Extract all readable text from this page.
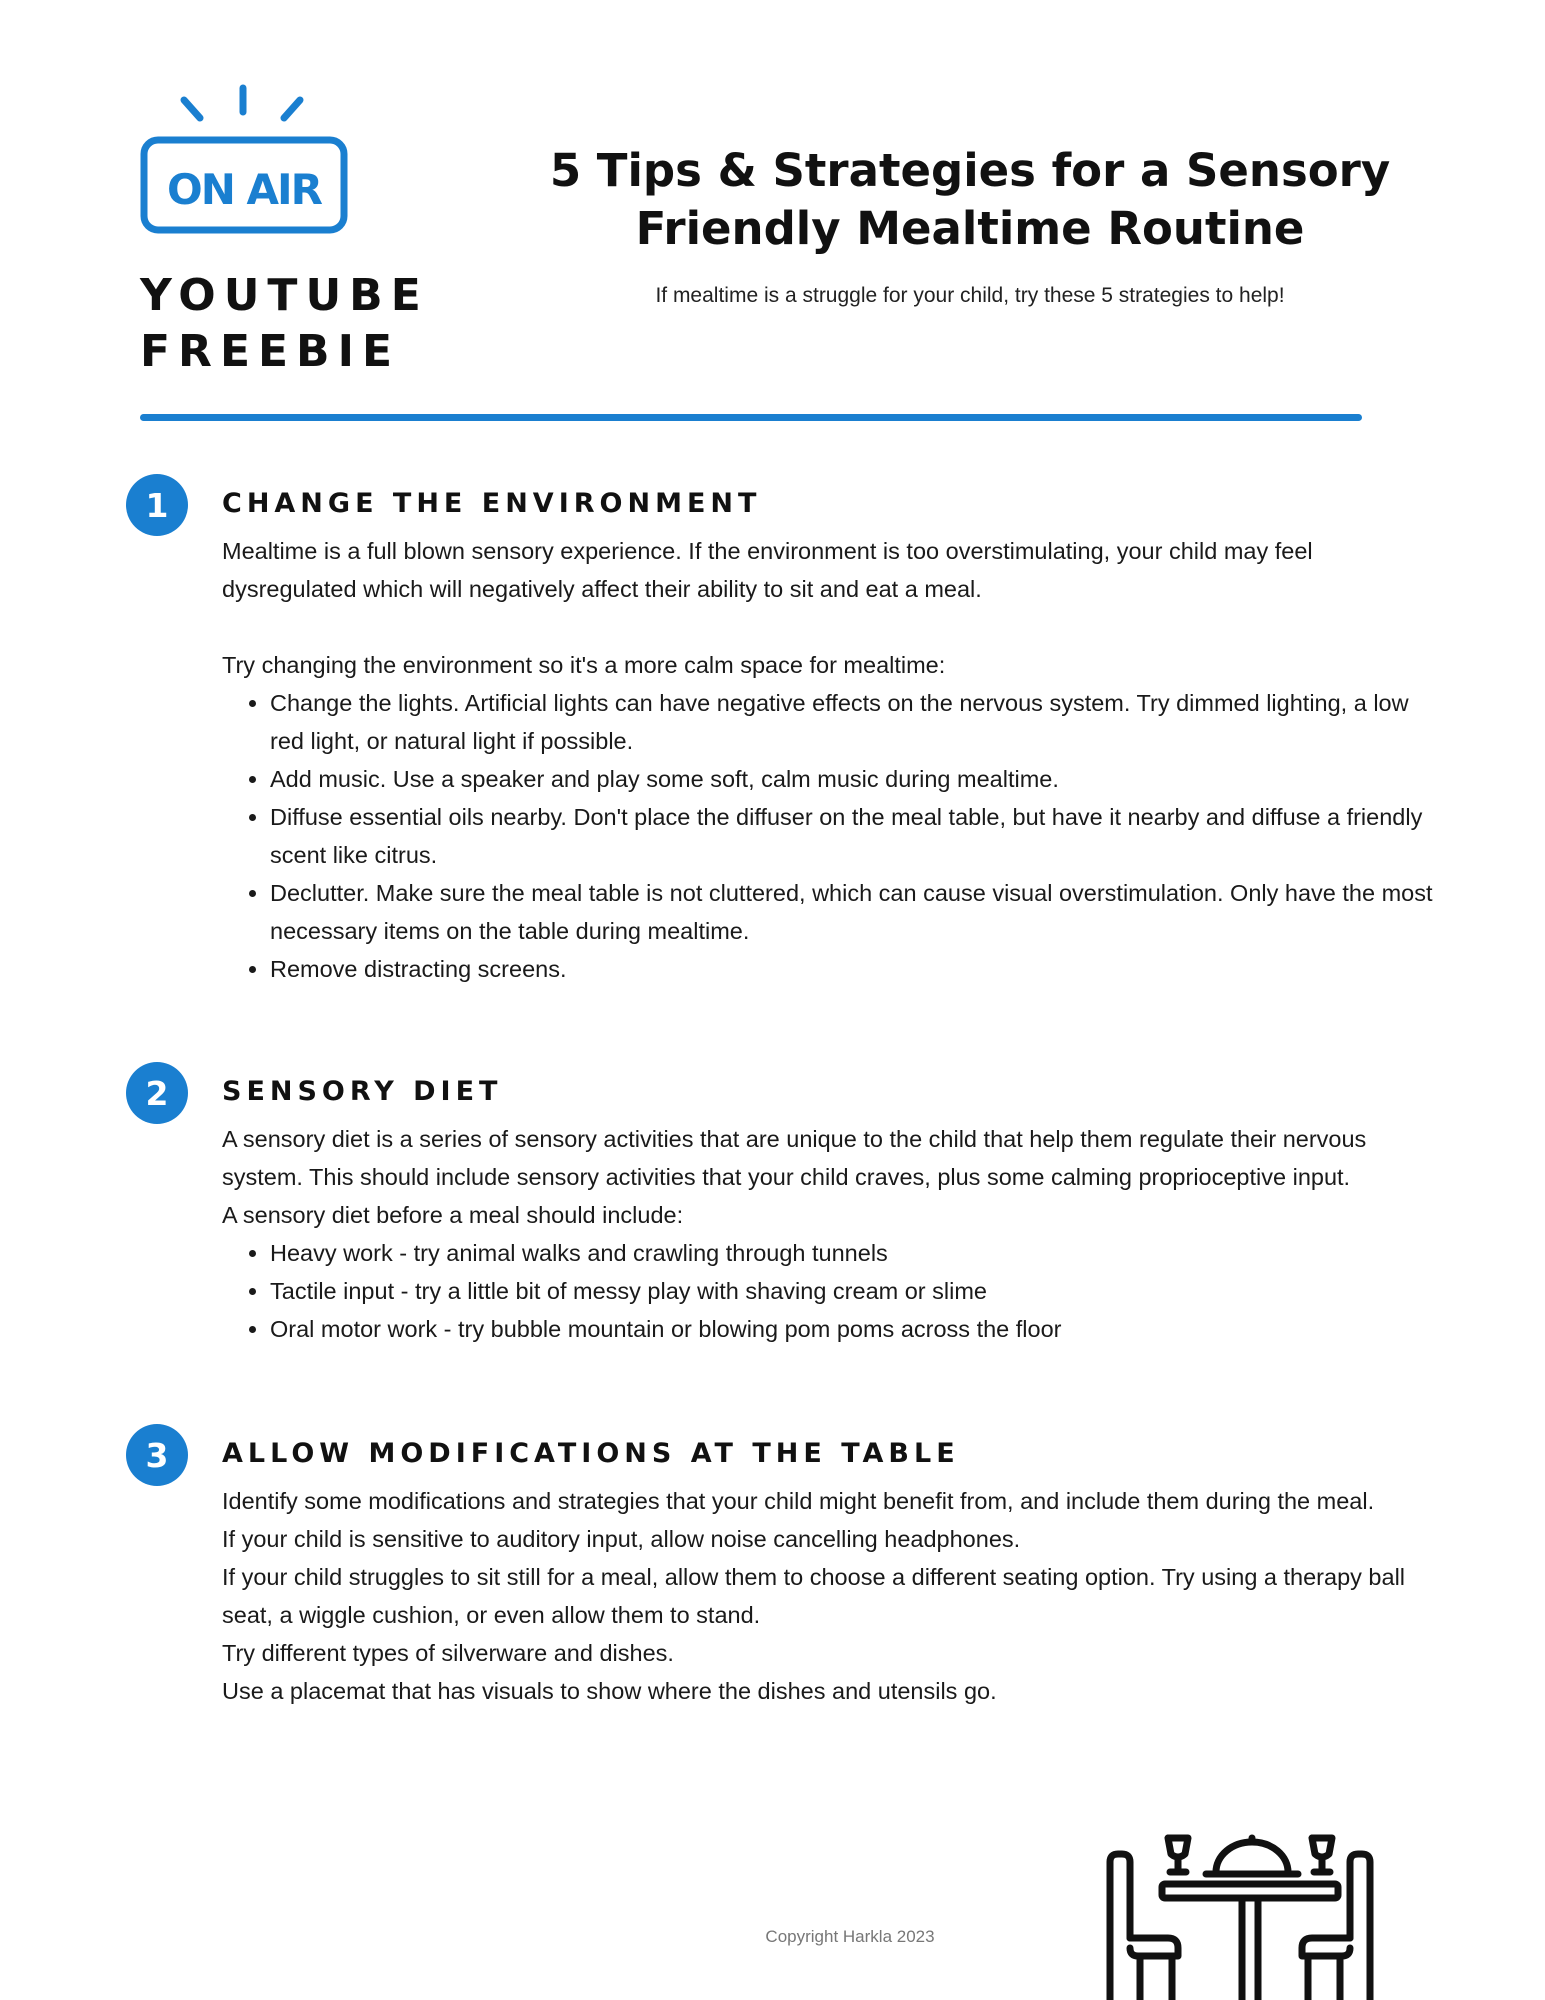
ON AIR
YOUTUBE
FREEBIE
5 Tips & Strategies for a Sensory
Friendly Mealtime Routine
If mealtime is a struggle for your child, try these 5 strategies to help!
1	CHANGE THE ENVIRONMENT

Mealtime is a full blown sensory experience. If the environment is too overstimulating, your child may feel dysregulated which will negatively affect their ability to sit and eat a meal.

Try changing the environment so it's a more calm space for mealtime:

• Change the lights. Artificial lights can have negative effects on the nervous system. Try dimmed lighting, a low red light, or natural light if possible.
• Add music. Use a speaker and play some soft, calm music during mealtime.
• Diffuse essential oils nearby. Don't place the diffuser on the meal table, but have it nearby and diffuse a friendly scent like citrus.
• Declutter. Make sure the meal table is not cluttered, which can cause visual overstimulation. Only have the most necessary items on the table during mealtime.
• Remove distracting screens.
2	SENSORY DIET

A sensory diet is a series of sensory activities that are unique to the child that help them regulate their nervous system. This should include sensory activities that your child craves, plus some calming proprioceptive input.

A sensory diet before a meal should include:

• Heavy work - try animal walks and crawling through tunnels
• Tactile input - try a little bit of messy play with shaving cream or slime
• Oral motor work - try bubble mountain or blowing pom poms across the floor
3	ALLOW MODIFICATIONS AT THE TABLE

Identify some modifications and strategies that your child might benefit from, and include them during the meal.

If your child is sensitive to auditory input, allow noise cancelling headphones.

If your child struggles to sit still for a meal, allow them to choose a different seating option. Try using a therapy ball seat, a wiggle cushion, or even allow them to stand.

Try different types of silverware and dishes.

Use a placemat that has visuals to show where the dishes and utensils go.

Copyright Harkla 2023
